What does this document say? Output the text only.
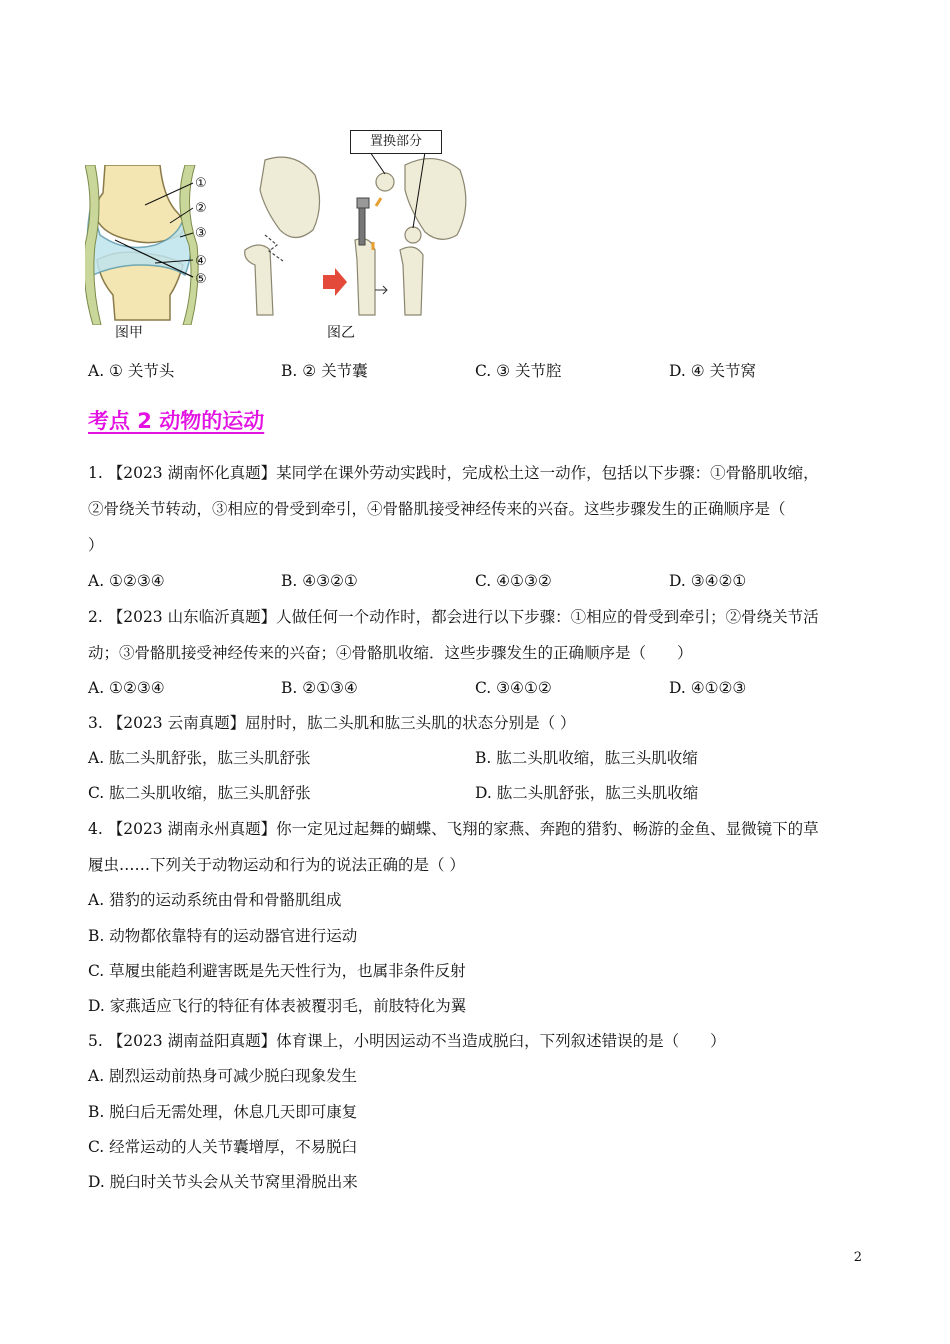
①
②
③
④
⑤
图甲
置换部分
图乙
A. ① 关节头	B. ② 关节囊	C. ③ 关节腔	D. ④ 关节窝
考点 2 动物的运动
1. 【2023 湖南怀化真题】某同学在课外劳动实践时，完成松土这一动作，包括以下步骤：①骨骼肌收缩，
②骨绕关节转动，③相应的骨受到牵引，④骨骼肌接受神经传来的兴奋。这些步骤发生的正确顺序是（
）
A. ①②③④	B. ④③②①	C. ④①③②	D. ③④②①
2. 【2023 山东临沂真题】人做任何一个动作时，都会进行以下步骤：①相应的骨受到牵引；②骨绕关节活
动；③骨骼肌接受神经传来的兴奋；④骨骼肌收缩．这些步骤发生的正确顺序是（　　）
A. ①②③④	B. ②①③④	C. ③④①②	D. ④①②③
3. 【2023 云南真题】屈肘时，肱二头肌和肱三头肌的状态分别是（ ）
A. 肱二头肌舒张，肱三头肌舒张	B. 肱二头肌收缩，肱三头肌收缩
C. 肱二头肌收缩，肱三头肌舒张	D. 肱二头肌舒张，肱三头肌收缩
4. 【2023 湖南永州真题】你一定见过起舞的蝴蝶、飞翔的家燕、奔跑的猎豹、畅游的金鱼、显微镜下的草
履虫……下列关于动物运动和行为的说法正确的是（ ）
A. 猎豹的运动系统由骨和骨骼肌组成
B. 动物都依靠特有的运动器官进行运动
C. 草履虫能趋利避害既是先天性行为，也属非条件反射
D. 家燕适应飞行的特征有体表被覆羽毛，前肢特化为翼
5. 【2023 湖南益阳真题】体育课上，小明因运动不当造成脱臼，下列叙述错误的是（　　）
A. 剧烈运动前热身可减少脱臼现象发生
B. 脱臼后无需处理，休息几天即可康复
C. 经常运动的人关节囊增厚，不易脱臼
D. 脱臼时关节头会从关节窝里滑脱出来
2
